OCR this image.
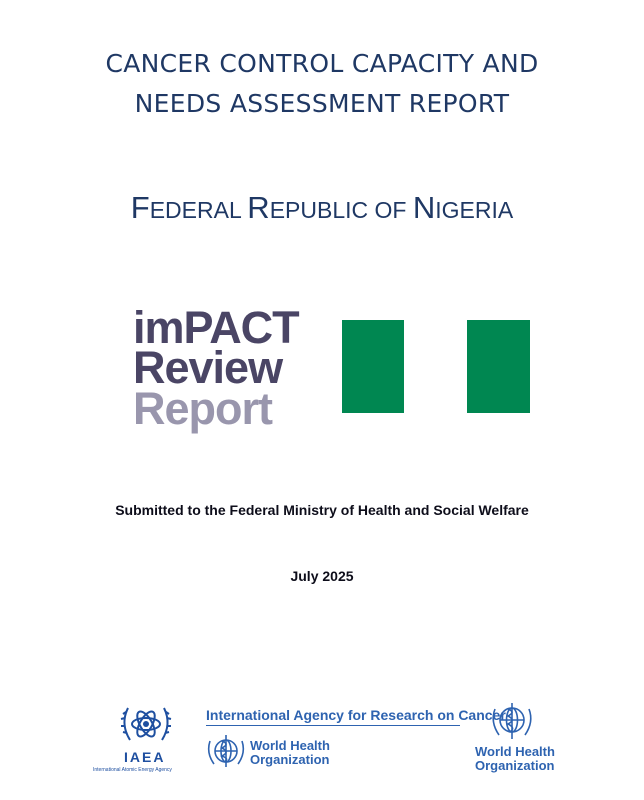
CANCER CONTROL CAPACITY AND
NEEDS ASSESSMENT REPORT
FEDERAL REPUBLIC OF NIGERIA
imPACT
Review
Report
Submitted to the Federal Ministry of Health and Social Welfare
July 2025
IAEA
International Atomic Energy Agency
International Agency for Research on Cancer
World Health
Organization
World Health
Organization
